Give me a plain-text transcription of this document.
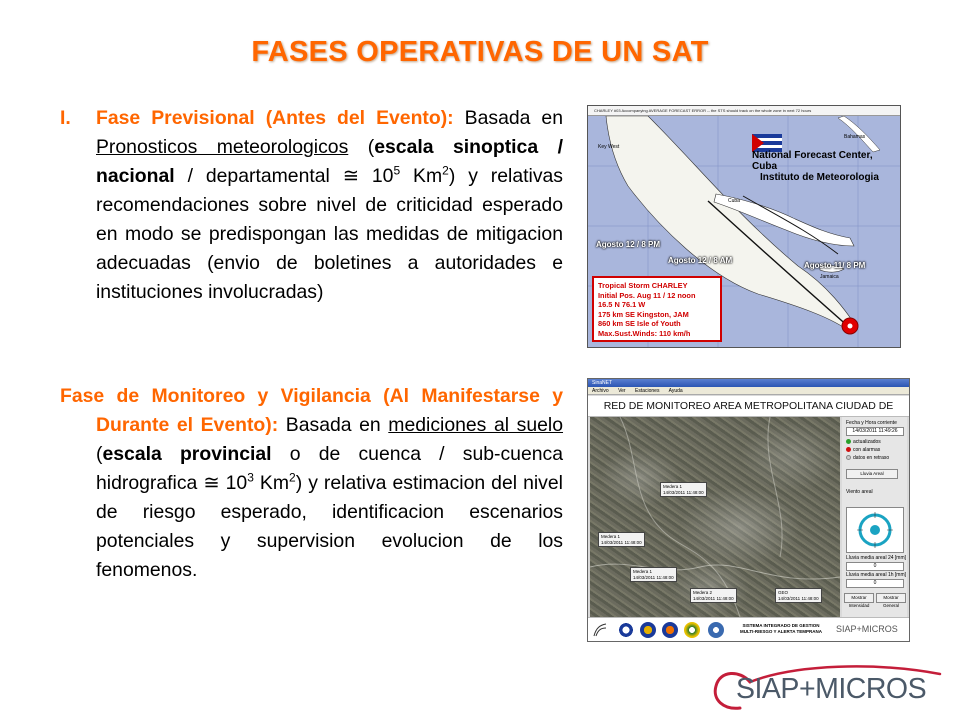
FASES OPERATIVAS DE UN SAT
I. Fase Previsional (Antes del Evento): Basada en Pronosticos meteorologicos (escala sinoptica / nacional / departamental ≅ $10^5$ Km$^2$) y relativas recomendaciones sobre nivel de criticidad esperado en modo se predispongan las medidas de mitigacion adecuadas (envio de boletines a autoridades e instituciones involucradas)
Fase de Monitoreo y Vigilancia (Al Manifestarse y Durante el Evento): Basada en mediciones al suelo (escala provincial o de cuenca / sub-cuenca hidrografica ≅ $10^3$ Km$^2$) y relativa estimacion del nivel de riesgo esperado, identificacion escenarios potenciales y supervision evolucion de los fenomenos.
CHARLEY #03 Accompanying AVERAGE FORECAST ERROR -- the STS should track on the whole zone in next 72 hours
National Forecast Center, Cuba
Instituto de Meteorologia
Agosto 12 / 8 PM
Agosto 12 / 8 AM
Agosto 11/ 8 PM
Bahamas
Key West
Cuba
Jamaica
Tropical Storm CHARLEY
Initial Pos. Aug 11 / 12 noon
16.5 N 76.1 W
175 km SE Kingston, JAM
860 km SE Isle of Youth
Max.Sust.Winds: 110 km/h
SinaNET
Archivo Ver Estaciones Ayuda
RED DE MONITOREO AREA METROPOLITANA CIUDAD DE
Medera 1
14/03/2011 11:48:00
Medera 1
14/03/2011 11:48:00
Medera 1
14/03/2011 11:48:00
Medera 2
14/03/2011 11:48:00
GEO
14/03/2011 11:48:00
Fecha y Hora corriente
14/03/2011 11:49:26
actualizados
con alarmas
datos en retraso
Lluvia Areal
Viento areal
Lluvia media areal 24 [mm]
0
Lluvia media areal 1h [mm]
0
Mostrar Intensidad
Mostrar General
SISTEMA INTEGRADO DE GESTION
MULTI-RIESGO Y ALERTA TEMPRANA	SIAP+MICROS
SIAP+MICROS
